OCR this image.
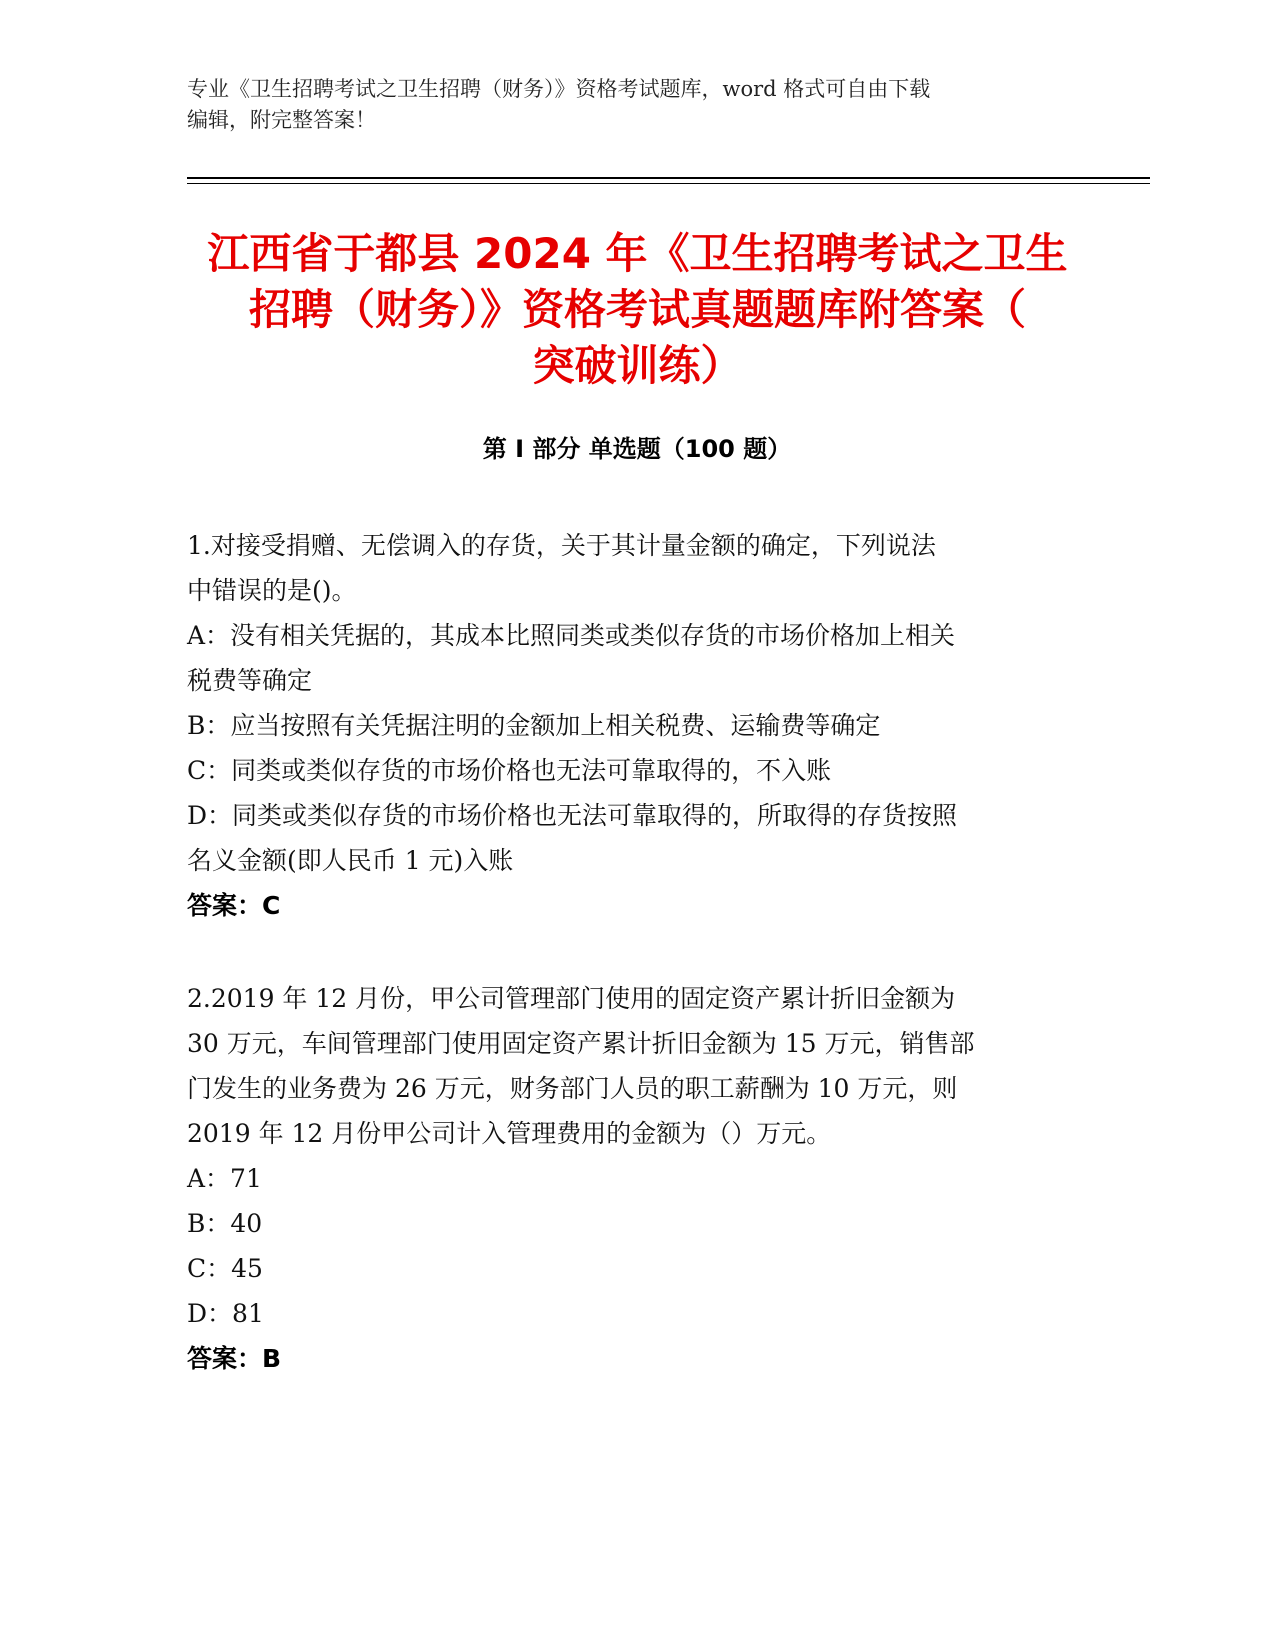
专业《卫生招聘考试之卫生招聘（财务）》资格考试题库，word 格式可自由下载
编辑，附完整答案！
江西省于都县 2024 年《卫生招聘考试之卫生
招聘（财务）》资格考试真题题库附答案（
突破训练）
第 I 部分 单选题（100 题）
1.对接受捐赠、无偿调入的存货，关于其计量金额的确定，下列说法
中错误的是()。
A：没有相关凭据的，其成本比照同类或类似存货的市场价格加上相关
税费等确定
B：应当按照有关凭据注明的金额加上相关税费、运输费等确定
C：同类或类似存货的市场价格也无法可靠取得的，不入账
D：同类或类似存货的市场价格也无法可靠取得的，所取得的存货按照
名义金额(即人民币 1 元)入账
答案：C
2.2019 年 12 月份，甲公司管理部门使用的固定资产累计折旧金额为
30 万元，车间管理部门使用固定资产累计折旧金额为 15 万元，销售部
门发生的业务费为 26 万元，财务部门人员的职工薪酬为 10 万元，则
2019 年 12 月份甲公司计入管理费用的金额为（）万元。
A：71
B：40
C：45
D：81
答案：B
